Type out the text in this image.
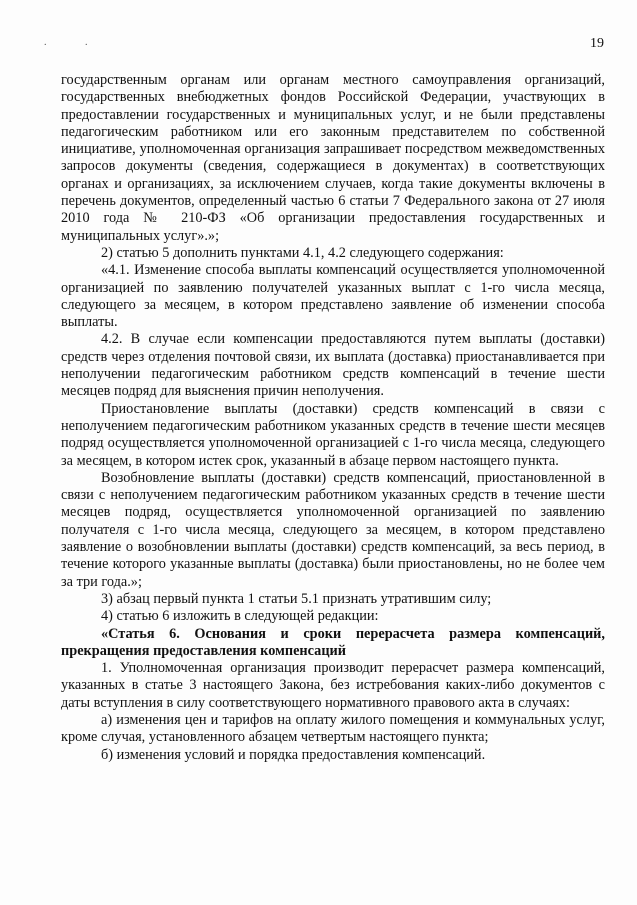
. .	19

государственным органам или органам местного самоуправления организаций, государственных внебюджетных фондов Российской Федерации, участвующих в предоставлении государственных и муниципальных услуг, и не были представлены педагогическим работником или его законным представителем по собственной инициативе, уполномоченная организация запрашивает посредством межведомственных запросов документы (сведения, содержащиеся в документах) в соответствующих органах и организациях, за исключением случаев, когда такие документы включены в перечень документов, определенный частью 6 статьи 7 Федерального закона от 27 июля 2010 года № 210-ФЗ «Об организации предоставления государственных и муниципальных услуг».»;

2) статью 5 дополнить пунктами 4.1, 4.2 следующего содержания:

«4.1. Изменение способа выплаты компенсаций осуществляется уполномоченной организацией по заявлению получателей указанных выплат с 1-го числа месяца, следующего за месяцем, в котором представлено заявление об изменении способа выплаты.

4.2. В случае если компенсации предоставляются путем выплаты (доставки) средств через отделения почтовой связи, их выплата (доставка) приостанавливается при неполучении педагогическим работником средств компенсаций в течение шести месяцев подряд для выяснения причин неполучения.

Приостановление выплаты (доставки) средств компенсаций в связи с неполучением педагогическим работником указанных средств в течение шести месяцев подряд осуществляется уполномоченной организацией с 1-го числа месяца, следующего за месяцем, в котором истек срок, указанный в абзаце первом настоящего пункта.

Возобновление выплаты (доставки) средств компенсаций, приостановленной в связи с неполучением педагогическим работником указанных средств в течение шести месяцев подряд, осуществляется уполномоченной организацией по заявлению получателя с 1-го числа месяца, следующего за месяцем, в котором представлено заявление о возобновлении выплаты (доставки) средств компенсаций, за весь период, в течение которого указанные выплаты (доставка) были приостановлены, но не более чем за три года.»;

3) абзац первый пункта 1 статьи 5.1 признать утратившим силу;

4) статью 6 изложить в следующей редакции:

«Статья 6. Основания и сроки перерасчета размера компенсаций, прекращения предоставления компенсаций

1. Уполномоченная организация производит перерасчет размера компенсаций, указанных в статье 3 настоящего Закона, без истребования каких-либо документов с даты вступления в силу соответствующего нормативного правового акта в случаях:

а) изменения цен и тарифов на оплату жилого помещения и коммунальных услуг, кроме случая, установленного абзацем четвертым настоящего пункта;

б) изменения условий и порядка предоставления компенсаций.
